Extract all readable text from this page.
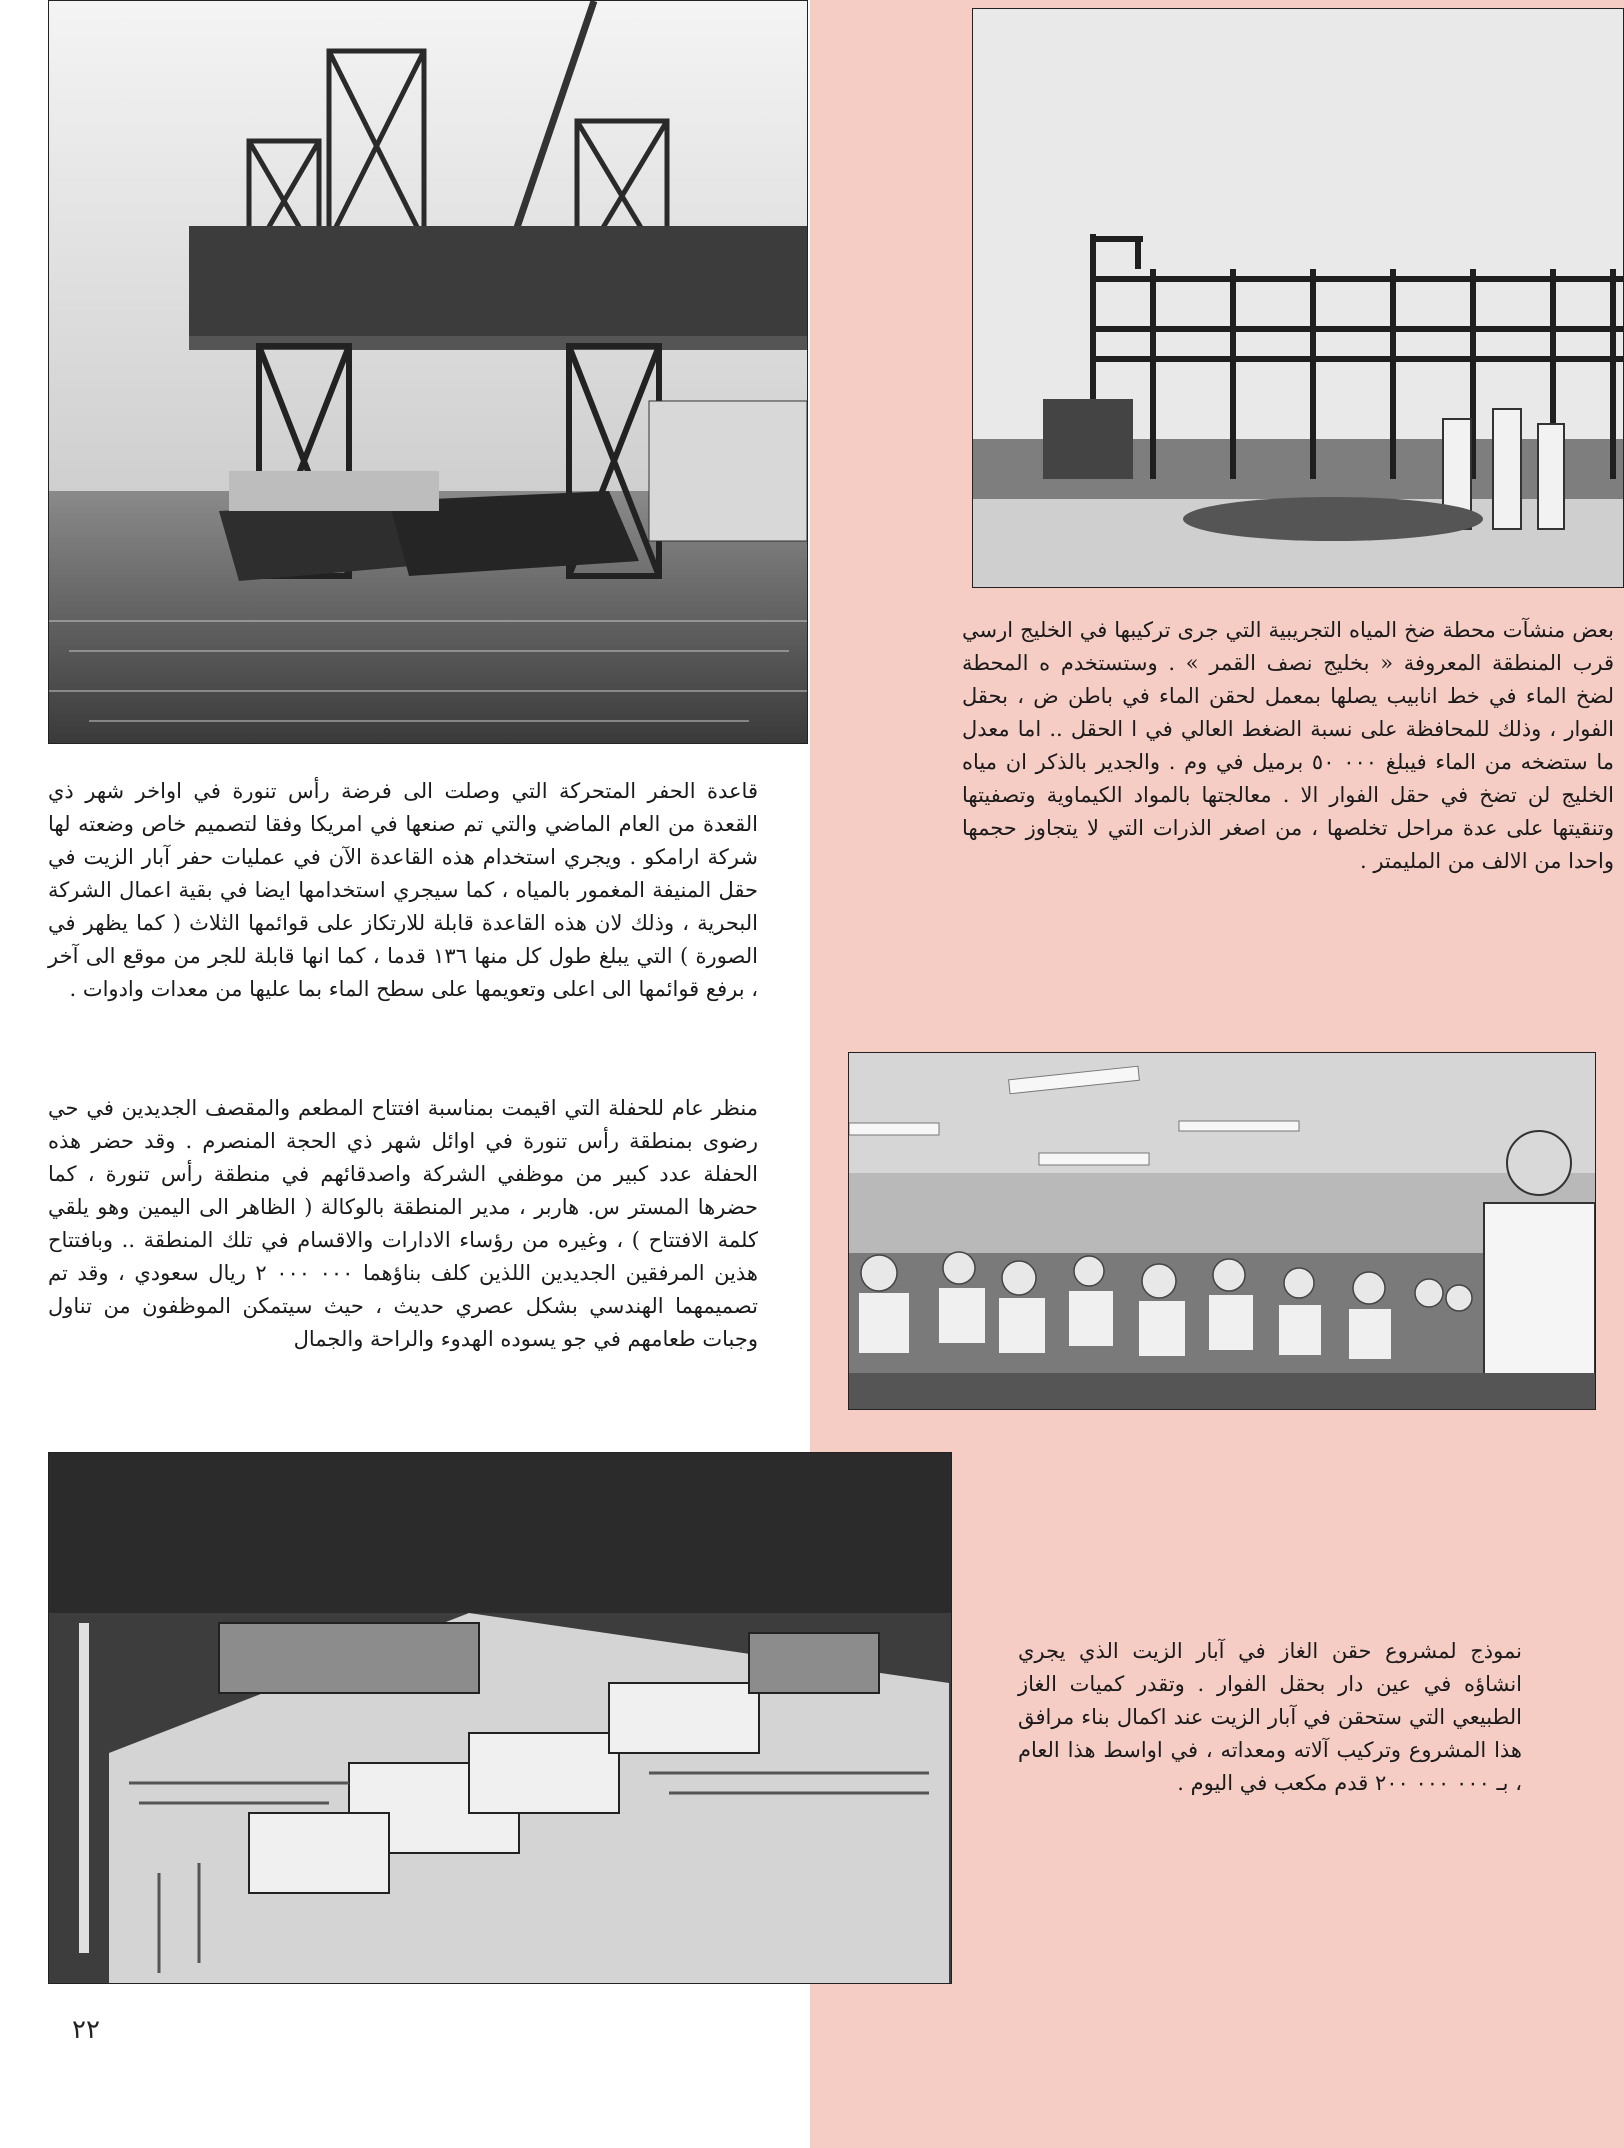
قاعدة الحفر المتحركة التي وصلت الى فرضة رأس تنورة في اواخر شهر ذي القعدة من العام الماضي والتي تم صنعها في امريكا وفقا لتصميم خاص وضعته لها شركة ارامكو . ويجري استخدام هذه القاعدة الآن في عمليات حفر آبار الزيت في حقل المنيفة المغمور بالمياه ، كما سيجري استخدامها ايضا في بقية اعمال الشركة البحرية ، وذلك لان هذه القاعدة قابلة للارتكاز على قوائمها الثلاث ( كما يظهر في الصورة ) التي يبلغ طول كل منها ١٣٦ قدما ، كما انها قابلة للجر من موقع الى آخر ، برفع قوائمها الى اعلى وتعويمها على سطح الماء بما عليها من معدات وادوات .

بعض منشآت محطة ضخ المياه التجريبية التي جرى تركيبها في الخليج ارسي قرب المنطقة المعروفة « بخليج نصف القمر » . وستستخدم ه المحطة لضخ الماء في خط انابيب يصلها بمعمل لحقن الماء في باطن ض ، بحقل الفوار ، وذلك للمحافظة على نسبة الضغط العالي في ا الحقل .. اما معدل ما ستضخه من الماء فيبلغ ٠٠٠ ٥٠ برميل في وم . والجدير بالذكر ان مياه الخليج لن تضخ في حقل الفوار الا . معالجتها بالمواد الكيماوية وتصفيتها وتنقيتها على عدة مراحل تخلصها ، من اصغر الذرات التي لا يتجاوز حجمها واحدا من الالف من المليمتر .

منظر عام للحفلة التي اقيمت بمناسبة افتتاح المطعم والمقصف الجديدين في حي رضوى بمنطقة رأس تنورة في اوائل شهر ذي الحجة المنصرم . وقد حضر هذه الحفلة عدد كبير من موظفي الشركة واصدقائهم في منطقة رأس تنورة ، كما حضرها المستر س. هاربر ، مدير المنطقة بالوكالة ( الظاهر الى اليمين وهو يلقي كلمة الافتتاح ) ، وغيره من رؤساء الادارات والاقسام في تلك المنطقة .. وبافتتاح هذين المرفقين الجديدين اللذين كلف بناؤهما ٠٠٠ ٠٠٠ ٢ ريال سعودي ، وقد تم تصميمهما الهندسي بشكل عصري حديث ، حيث سيتمكن الموظفون من تناول وجبات طعامهم في جو يسوده الهدوء والراحة والجمال

نموذج لمشروع حقن الغاز في آبار الزيت الذي يجري انشاؤه في عين دار بحقل الفوار . وتقدر كميات الغاز الطبيعي التي ستحقن في آبار الزيت عند اكمال بناء مرافق هذا المشروع وتركيب آلاته ومعداته ، في اواسط هذا العام ، بـ ٠٠٠ ٠٠٠ ٢٠٠ قدم مكعب في اليوم .

٢٢
